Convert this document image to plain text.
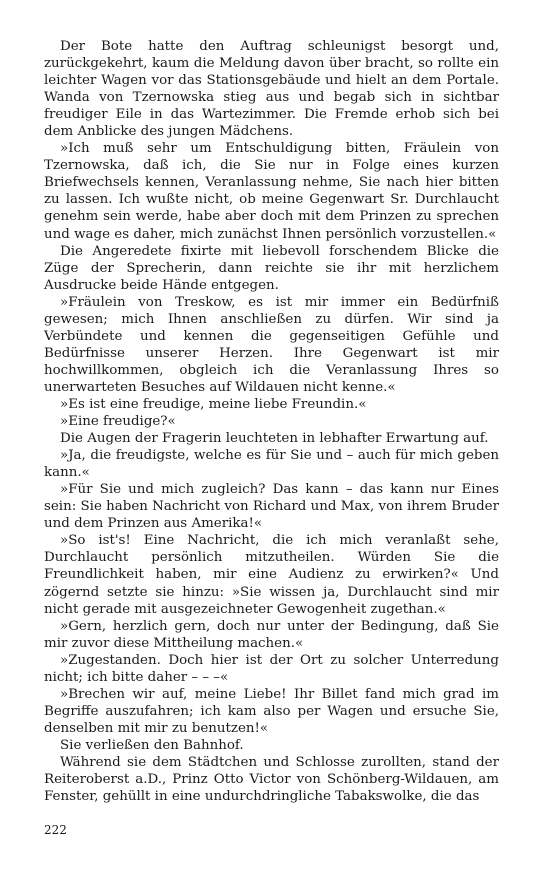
Der Bote hatte den Auftrag schleunigst besorgt und, zurückgekehrt, kaum die Meldung davon über bracht, so rollte ein leichter Wagen vor das Stationsgebäude und hielt an dem Portale. Wanda von Tzernowska stieg aus und begab sich in sichtbar freudiger Eile in das Wartezimmer. Die Fremde erhob sich bei dem Anblicke des jungen Mädchens.

»Ich muß sehr um Entschuldigung bitten, Fräulein von Tzernowska, daß ich, die Sie nur in Folge eines kurzen Briefwechsels kennen, Veranlassung nehme, Sie nach hier bitten zu lassen. Ich wußte nicht, ob meine Gegenwart Sr. Durchlaucht genehm sein werde, habe aber doch mit dem Prinzen zu sprechen und wage es daher, mich zunächst Ihnen persönlich vorzustellen.«

Die Angeredete fixirte mit liebevoll forschendem Blicke die Züge der Sprecherin, dann reichte sie ihr mit herzlichem Ausdrucke beide Hände entgegen.

»Fräulein von Treskow, es ist mir immer ein Bedürfniß gewesen; mich Ihnen anschließen zu dürfen. Wir sind ja Verbündete und kennen die gegenseitigen Gefühle und Bedürfnisse unserer Herzen. Ihre Gegenwart ist mir hochwillkommen, obgleich ich die Veranlassung Ihres so unerwarteten Besuches auf Wildauen nicht kenne.«

»Es ist eine freudige, meine liebe Freundin.«

»Eine freudige?«

Die Augen der Fragerin leuchteten in lebhafter Erwartung auf.

»Ja, die freudigste, welche es für Sie und – auch für mich geben kann.«

»Für Sie und mich zugleich? Das kann – das kann nur Eines sein: Sie haben Nachricht von Richard und Max, von ihrem Bruder und dem Prinzen aus Amerika!«

»So ist's! Eine Nachricht, die ich mich veranlaßt sehe, Durchlaucht persönlich mitzutheilen. Würden Sie die Freundlichkeit haben, mir eine Audienz zu erwirken?« Und zögernd setzte sie hinzu: »Sie wissen ja, Durchlaucht sind mir nicht gerade mit ausgezeichneter Gewogenheit zugethan.«

»Gern, herzlich gern, doch nur unter der Bedingung, daß Sie mir zuvor diese Mittheilung machen.«

»Zugestanden. Doch hier ist der Ort zu solcher Unterredung nicht; ich bitte daher – – –«

»Brechen wir auf, meine Liebe! Ihr Billet fand mich grad im Begriffe auszufahren; ich kam also per Wagen und ersuche Sie, denselben mit mir zu benutzen!«

Sie verließen den Bahnhof.

Während sie dem Städtchen und Schlosse zurollten, stand der Reiteroberst a.D., Prinz Otto Victor von Schönberg-Wildauen, am Fenster, gehüllt in eine undurchdringliche Tabakswolke, die das

222
